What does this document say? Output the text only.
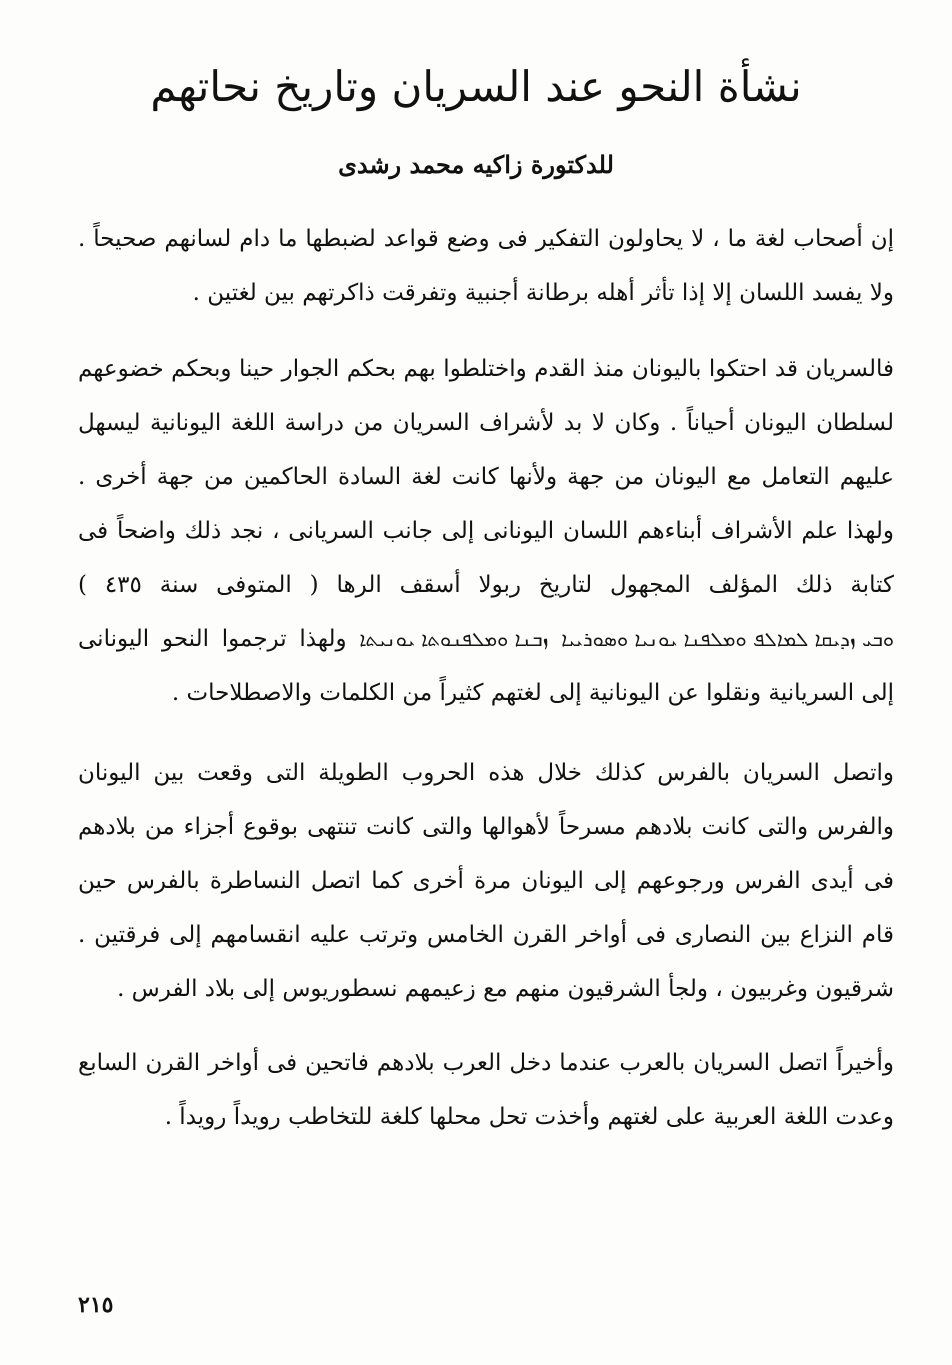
نشأة النحو عند السريان وتاريخ نحاتهم
للدكتورة زاكيه محمد رشدى

إن أصحاب لغة ما ، لا يحاولون التفكير فى وضع قواعد لضبطها ما دام لسانهم صحيحاً . ولا يفسد اللسان إلا إذا تأثر أهله برطانة أجنبية وتفرقت ذاكرتهم بين لغتين .

فالسريان قد احتكوا باليونان منذ القدم واختلطوا بهم بحكم الجوار حينا وبحكم خضوعهم لسلطان اليونان أحياناً . وكان لا بد لأشراف السريان من دراسة اللغة اليونانية ليسهل عليهم التعامل مع اليونان من جهة ولأنها كانت لغة السادة الحاكمين من جهة أخرى . ولهذا علم الأشراف أبناءهم اللسان اليونانى إلى جانب السريانى ، نجد ذلك واضحاً فى كتابة ذلك المؤلف المجهول لتاريخ ربولا أسقف الرها ( المتوفى سنة ٤٣٥ ) ܘܒܝ ܙܕܝܩܐ ܠܡܐܠܦ ܘܡܠܦܢܐ ܝܘܢܝܐ ܘܣܘܪܝܝܐ ܙܒܢܐ ܘܡܠܦܢܘܬܐ ܝܘܢܝܬܐ ولهذا ترجموا النحو اليونانى إلى السريانية ونقلوا عن اليونانية إلى لغتهم كثيراً من الكلمات والاصطلاحات .

واتصل السريان بالفرس كذلك خلال هذه الحروب الطويلة التى وقعت بين اليونان والفرس والتى كانت بلادهم مسرحاً لأهوالها والتى كانت تنتهى بوقوع أجزاء من بلادهم فى أيدى الفرس ورجوعهم إلى اليونان مرة أخرى كما اتصل النساطرة بالفرس حين قام النزاع بين النصارى فى أواخر القرن الخامس وترتب عليه انقسامهم إلى فرقتين . شرقيون وغربيون ، ولجأ الشرقيون منهم مع زعيمهم نسطوريوس إلى بلاد الفرس .

وأخيراً اتصل السريان بالعرب عندما دخل العرب بلادهم فاتحين فى أواخر القرن السابع وعدت اللغة العربية على لغتهم وأخذت تحل محلها كلغة للتخاطب رويداً رويداً .

٢١٥
